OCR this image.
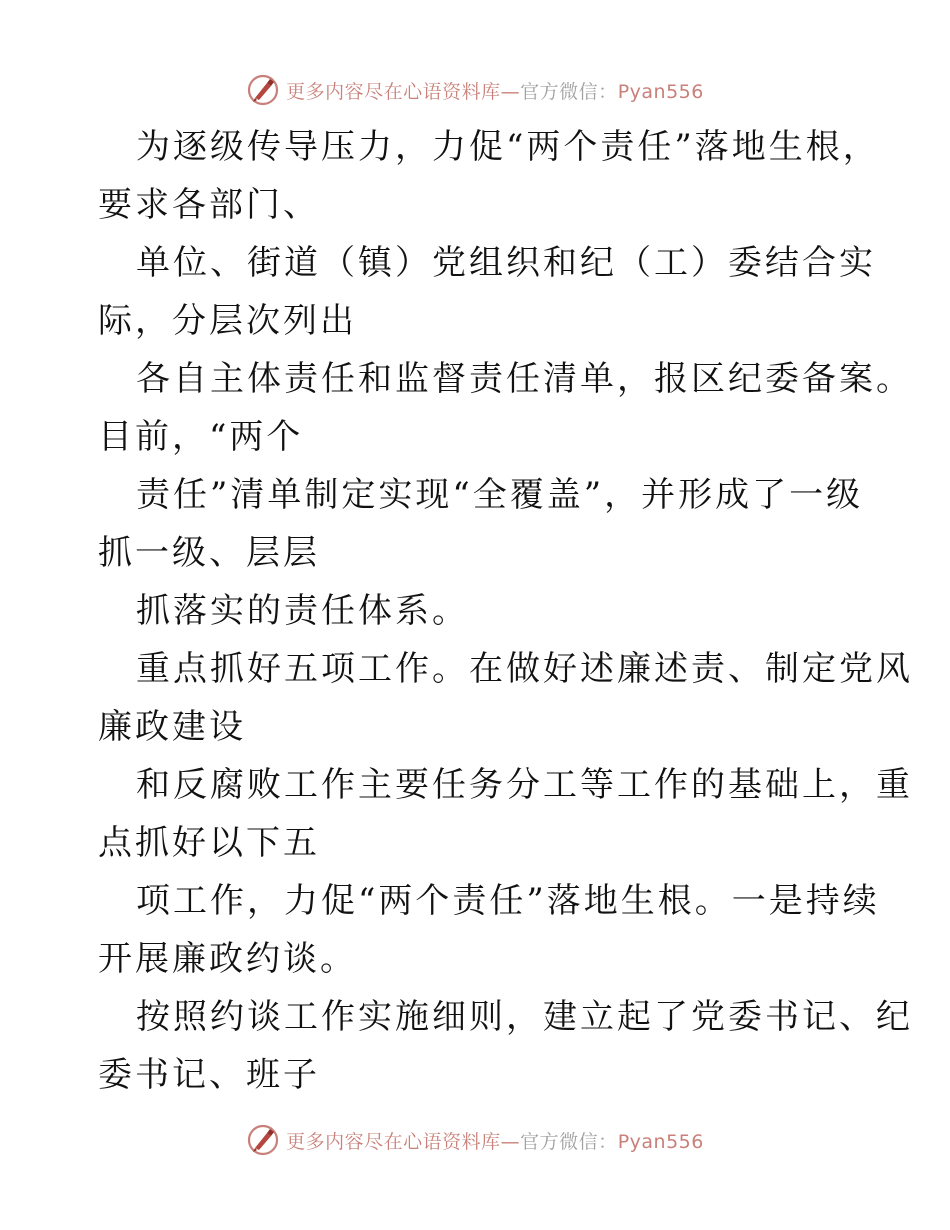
更多内容尽在心语资料库—官方微信：Pyan556
为逐级传导压力，力促“两个责任”落地生根，
要求各部门、
单位、街道（镇）党组织和纪（工）委结合实
际，分层次列出
各自主体责任和监督责任清单，报区纪委备案。
目前，“两个
责任”清单制定实现“全覆盖”，并形成了一级
抓一级、层层
抓落实的责任体系。
重点抓好五项工作。在做好述廉述责、制定党风
廉政建设
和反腐败工作主要任务分工等工作的基础上，重
点抓好以下五
项工作，力促“两个责任”落地生根。一是持续
开展廉政约谈。
按照约谈工作实施细则，建立起了党委书记、纪
委书记、班子
更多内容尽在心语资料库—官方微信：Pyan556
